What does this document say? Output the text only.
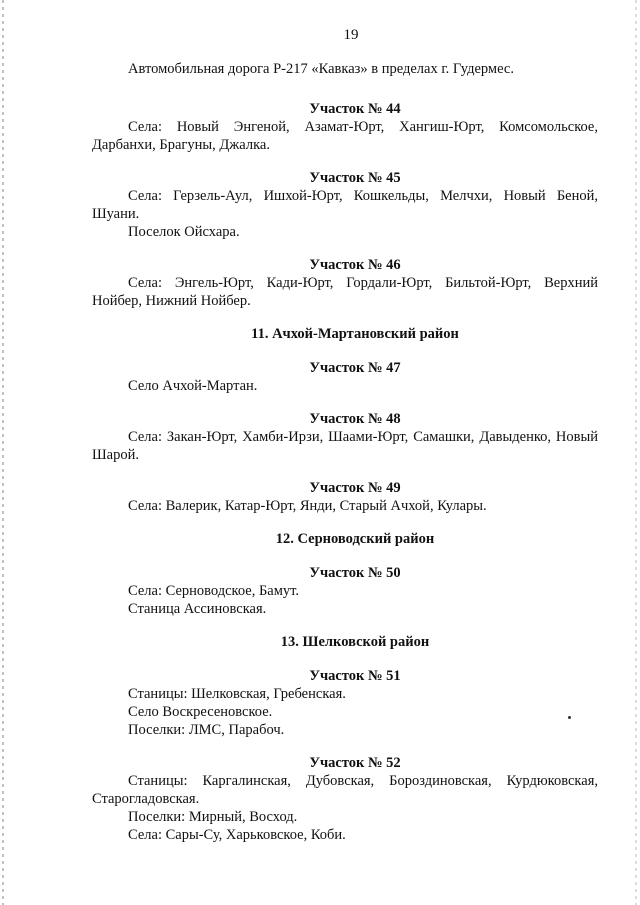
19

Автомобильная дорога Р-217 «Кавказ» в пределах г. Гудермес.

Участок № 44

Села: Новый Энгеной, Азамат-Юрт, Хангиш-Юрт, Комсомольское, Дарбанхи, Брагуны, Джалка.

Участок № 45

Села: Герзель-Аул, Ишхой-Юрт, Кошкельды, Мелчхи, Новый Беной, Шуани.

Поселок Ойсхара.

Участок № 46

Села: Энгель-Юрт, Кади-Юрт, Гордали-Юрт, Бильтой-Юрт, Верхний Нойбер, Нижний Нойбер.

11. Ачхой-Мартановский район
Участок № 47

Село Ачхой-Мартан.

Участок № 48

Села: Закан-Юрт, Хамби-Ирзи, Шаами-Юрт, Самашки, Давыденко, Новый Шарой.

Участок № 49

Села: Валерик, Катар-Юрт, Янди, Старый Ачхой, Кулары.

12. Серноводский район
Участок № 50

Села: Серноводское, Бамут.

Станица Ассиновская.

13. Шелковской район
Участок № 51

Станицы: Шелковская, Гребенская.

Село Воскресеновское.

Поселки: ЛМС, Парабоч.

Участок № 52

Станицы: Каргалинская, Дубовская, Бороздиновская, Курдюковская, Старогладовская.

Поселки: Мирный, Восход.

Села: Сары-Су, Харьковское, Коби.
